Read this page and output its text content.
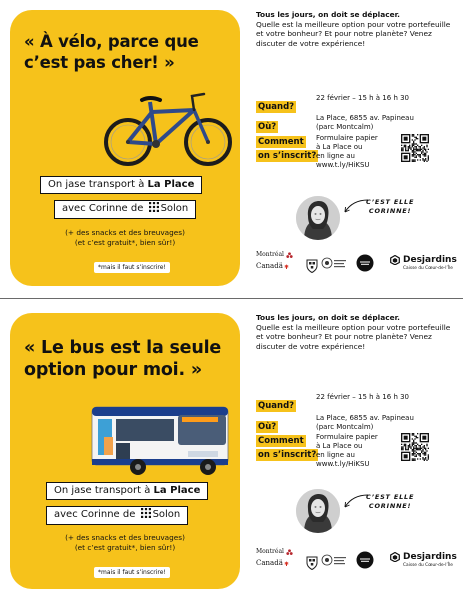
« À vélo, parce que c’est pas cher! »
On jase transport à La Place
avec Corinne de Solon
(+ des snacks et des breuvages)
(et c’est gratuit*, bien sûr!)
*mais il faut s’inscrire!
Tous les jours, on doit se déplacer.
Quelle est la meilleure option pour votre portefeuille et votre bonheur? Et pour notre planète? Venez discuter de votre expérience!
Quand?
22 février – 15 h à 16 h 30
Où?
La Place, 6855 av. Papineau
(parc Montcalm)
Comment
on s’inscrit?
Formulaire papier
à La Place ou
en ligne au
www.t.ly/HiKSU
C’EST ELLE
CORINNE!
Montréal
Canadä
Desjardins
Caisse du Cœur-de-l’Île
« Le bus est la seule option pour moi. »
On jase transport à La Place
avec Corinne de Solon
(+ des snacks et des breuvages)
(et c’est gratuit*, bien sûr!)
*mais il faut s’inscrire!
Tous les jours, on doit se déplacer.
Quelle est la meilleure option pour votre portefeuille et votre bonheur? Et pour notre planète? Venez discuter de votre expérience!
Quand?
22 février – 15 h à 16 h 30
Où?
La Place, 6855 av. Papineau
(parc Montcalm)
Comment
on s’inscrit?
Formulaire papier
à La Place ou
en ligne au
www.t.ly/HiKSU
C’EST ELLE
CORINNE!
Montréal
Canadä
Desjardins
Caisse du Cœur-de-l’Île
